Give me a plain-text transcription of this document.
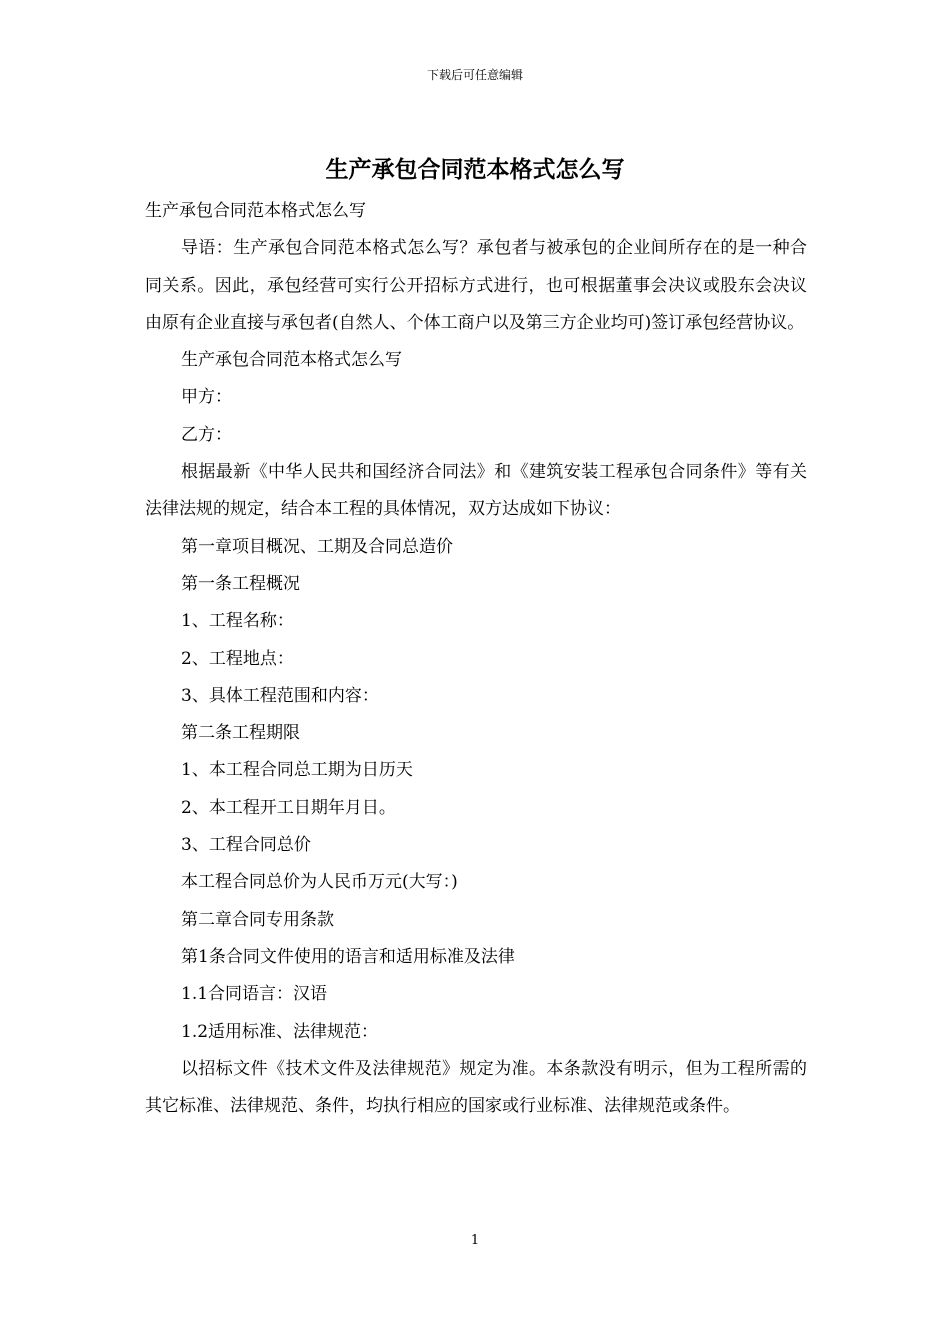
下载后可任意编辑
生产承包合同范本格式怎么写

生产承包合同范本格式怎么写

导语：生产承包合同范本格式怎么写？承包者与被承包的企业间所存在的是一种合同关系。因此，承包经营可实行公开招标方式进行，也可根据董事会决议或股东会决议由原有企业直接与承包者(自然人、个体工商户以及第三方企业均可)签订承包经营协议。

生产承包合同范本格式怎么写

甲方：

乙方：

根据最新《中华人民共和国经济合同法》和《建筑安装工程承包合同条件》等有关法律法规的规定，结合本工程的具体情况，双方达成如下协议：

第一章项目概况、工期及合同总造价

第一条工程概况

1、工程名称：

2、工程地点：

3、具体工程范围和内容：

第二条工程期限

1、本工程合同总工期为日历天

2、本工程开工日期年月日。

3、工程合同总价

本工程合同总价为人民币万元(大写：)

第二章合同专用条款

第1条合同文件使用的语言和适用标准及法律

1.1合同语言：汉语

1.2适用标准、法律规范：

以招标文件《技术文件及法律规范》规定为准。本条款没有明示，但为工程所需的其它标准、法律规范、条件，均执行相应的国家或行业标准、法律规范或条件。

1
